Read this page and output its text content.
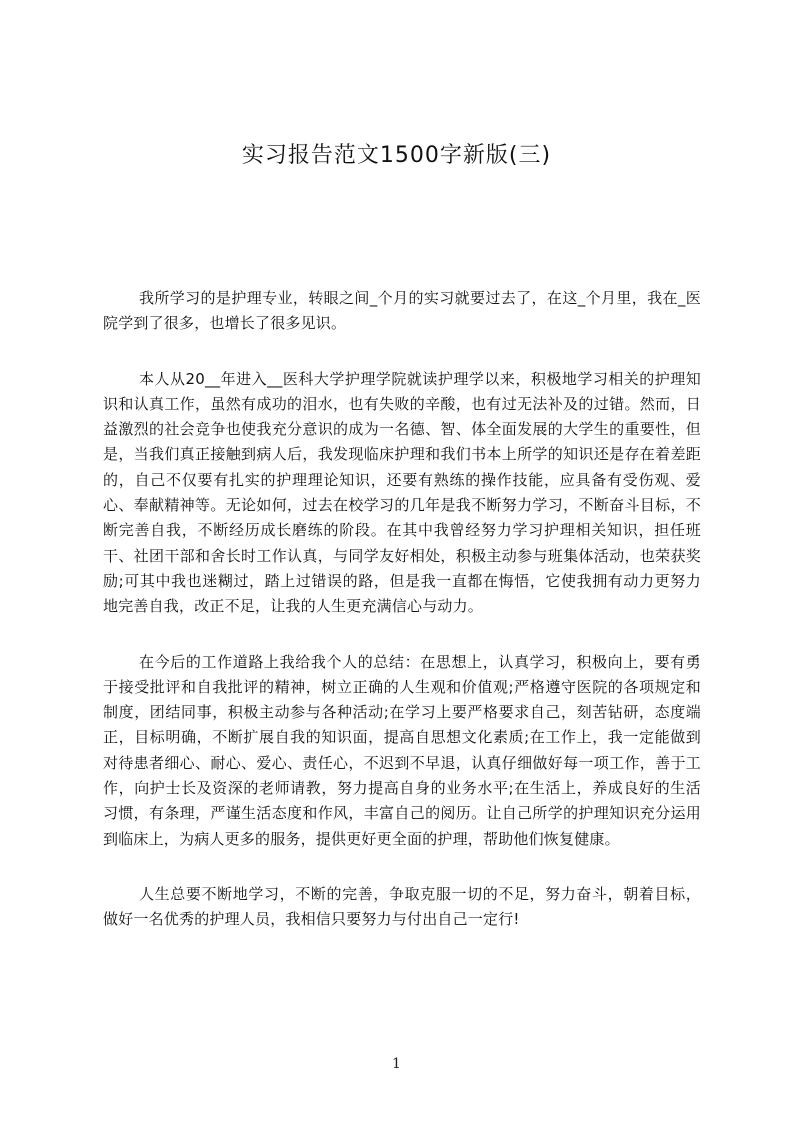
实习报告范文1500字新版(三)

我所学习的是护理专业，转眼之间_个月的实习就要过去了，在这_个月里，我在_医院学到了很多，也增长了很多见识。

本人从20__年进入__医科大学护理学院就读护理学以来，积极地学习相关的护理知识和认真工作，虽然有成功的泪水，也有失败的辛酸，也有过无法补及的过错。然而，日益激烈的社会竞争也使我充分意识的成为一名德、智、体全面发展的大学生的重要性，但是，当我们真正接触到病人后，我发现临床护理和我们书本上所学的知识还是存在着差距的，自己不仅要有扎实的护理理论知识，还要有熟练的操作技能，应具备有受伤观、爱心、奉献精神等。无论如何，过去在校学习的几年是我不断努力学习，不断奋斗目标，不断完善自我，不断经历成长磨练的阶段。在其中我曾经努力学习护理相关知识，担任班干、社团干部和舍长时工作认真，与同学友好相处，积极主动参与班集体活动，也荣获奖励;可其中我也迷糊过，踏上过错误的路，但是我一直都在悔悟，它使我拥有动力更努力地完善自我，改正不足，让我的人生更充满信心与动力。

在今后的工作道路上我给我个人的总结：在思想上，认真学习，积极向上，要有勇于接受批评和自我批评的精神，树立正确的人生观和价值观;严格遵守医院的各项规定和制度，团结同事，积极主动参与各种活动;在学习上要严格要求自己，刻苦钻研，态度端正，目标明确，不断扩展自我的知识面，提高自思想文化素质;在工作上，我一定能做到对待患者细心、耐心、爱心、责任心，不迟到不早退，认真仔细做好每一项工作，善于工作，向护士长及资深的老师请教，努力提高自身的业务水平;在生活上，养成良好的生活习惯，有条理，严谨生活态度和作风，丰富自己的阅历。让自己所学的护理知识充分运用到临床上，为病人更多的服务，提供更好更全面的护理，帮助他们恢复健康。

人生总要不断地学习，不断的完善，争取克服一切的不足，努力奋斗，朝着目标，做好一名优秀的护理人员，我相信只要努力与付出自己一定行!

1
